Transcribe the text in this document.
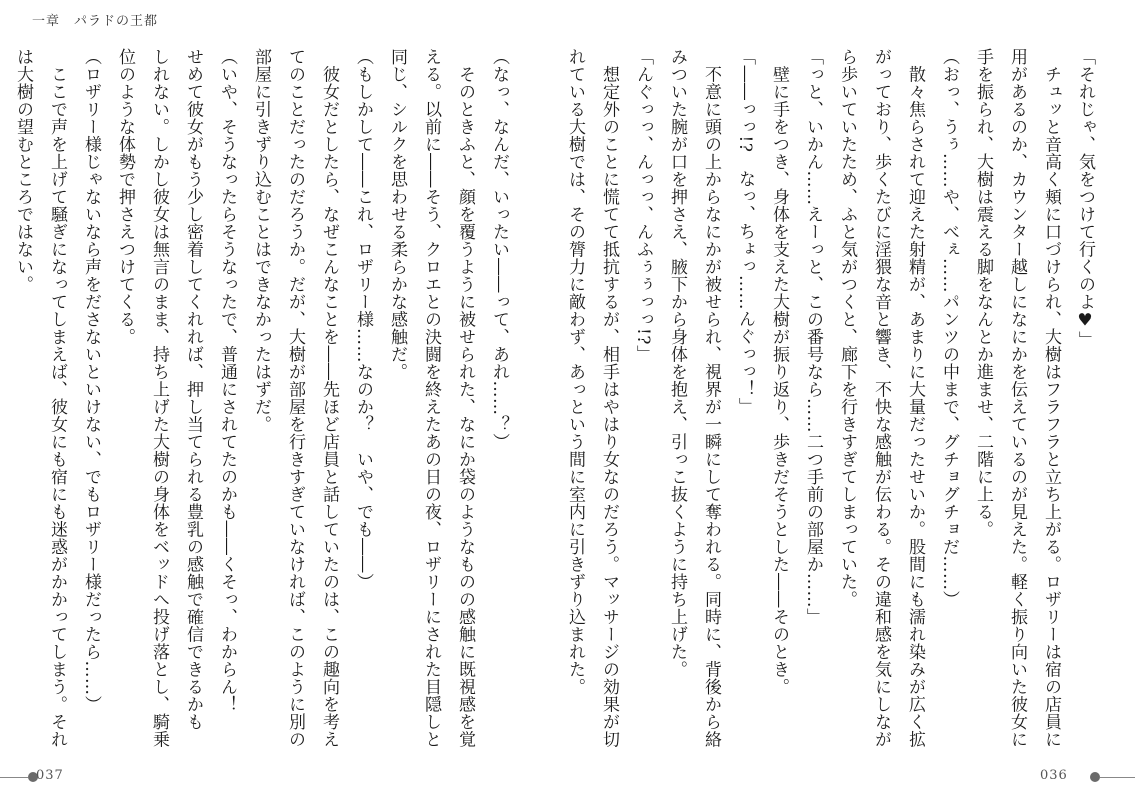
一章　パラドの王都
「それじゃ、気をつけて行くのよ♥」
　チュッと音高く頬に口づけられ、大樹はフラフラと立ち上がる。ロザリーは宿の店員に
用があるのか、カウンター越しになにかを伝えているのが見えた。軽く振り向いた彼女に
手を振られ、大樹は震える脚をなんとか進ませ、二階に上る。
（おっ、うぅ……や、べぇ……パンツの中まで、グチョグチョだ……）
　散々焦らされて迎えた射精が、あまりに大量だったせいか。股間にも濡れ染みが広く拡
がっており、歩くたびに淫猥な音と響き、不快な感触が伝わる。その違和感を気にしなが
ら歩いていたため、ふと気がつくと、廊下を行きすぎてしまっていた。
「っと、いかん……えーっと、この番号なら……二つ手前の部屋か……」
　壁に手をつき、身体を支えた大樹が振り返り、歩きだそうとした――そのとき。
「――っっ!?　なっ、ちょっ……んぐっっ！」
　不意に頭の上からなにかが被せられ、視界が一瞬にして奪われる。同時に、背後から絡
みついた腕が口を押さえ、腋下から身体を抱え、引っこ抜くように持ち上げた。
「んぐっっ、んっっ、んふぅぅっっ!?」
　想定外のことに慌てて抵抗するが、相手はやはり女なのだろう。マッサージの効果が切
れている大樹では、その膂力に敵わず、あっという間に室内に引きずり込まれた。
（なっ、なんだ、いったい――って、あれ……？）
　そのときふと、顔を覆うように被せられた、なにか袋のようなものの感触に既視感を覚
える。以前に――そう、クロエとの決闘を終えたあの日の夜、ロザリーにされた目隠しと
同じ、シルクを思わせる柔らかな感触だ。
（もしかして――これ、ロザリー様……なのか？　いや、でも――）
　彼女だとしたら、なぜこんなことを――先ほど店員と話していたのは、この趣向を考え
てのことだったのだろうか。だが、大樹が部屋を行きすぎていなければ、このように別の
部屋に引きずり込むことはできなかったはずだ。
（いや、そうなったらそうなったで、普通にされてたのかも――くそっ、わからん！
せめて彼女がもう少し密着してくれれば、押し当てられる豊乳の感触で確信できるかも
しれない。しかし彼女は無言のまま、持ち上げた大樹の身体をベッドへ投げ落とし、騎乗
位のような体勢で押さえつけてくる。
（ロザリー様じゃないなら声をださないといけない、でもロザリー様だったら……）
　ここで声を上げて騒ぎになってしまえば、彼女にも宿にも迷惑がかかってしまう。それ
は大樹の望むところではない。
037	036
